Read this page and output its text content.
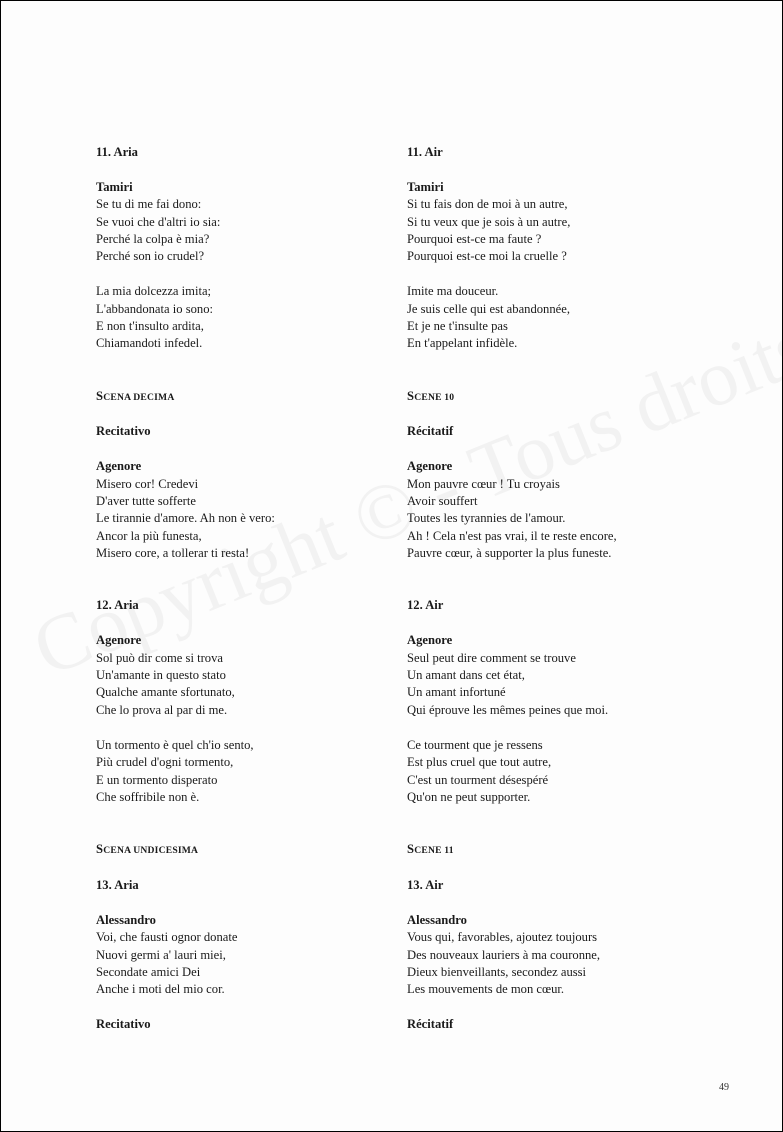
11. Aria
Tamiri
Se tu di me fai dono:
Se vuoi che d'altri io sia:
Perché la colpa è mia?
Perché son io crudel?
La mia dolcezza imita;
L'abbandonata io sono:
E non t'insulto ardita,
Chiamandoti infedel.
SCENA DECIMA
Recitativo
Agenore
Misero cor! Credevi
D'aver tutte sofferte
Le tirannie d'amore. Ah non è vero:
Ancor la più funesta,
Misero core, a tollerar ti resta!
12. Aria
Agenore
Sol può dir come si trova
Un'amante in questo stato
Qualche amante sfortunato,
Che lo prova al par di me.
Un tormento è quel ch'io sento,
Più crudel d'ogni tormento,
E un tormento disperato
Che soffribile non è.
SCENA UNDICESIMA
13. Aria
Alessandro
Voi, che fausti ognor donate
Nuovi germi a' lauri miei,
Secondate amici Dei
Anche i moti del mio cor.
Recitativo
11. Air
Tamiri
Si tu fais don de moi à un autre,
Si tu veux que je sois à un autre,
Pourquoi est-ce ma faute ?
Pourquoi est-ce moi la cruelle ?
Imite ma douceur.
Je suis celle qui est abandonnée,
Et je ne t'insulte pas
En t'appelant infidèle.
SCENE 10
Récitatif
Agenore
Mon pauvre cœur ! Tu croyais
Avoir souffert
Toutes les tyrannies de l'amour.
Ah ! Cela n'est pas vrai, il te reste encore,
Pauvre cœur, à supporter la plus funeste.
12. Air
Agenore
Seul peut dire comment se trouve
Un amant dans cet état,
Un amant infortuné
Qui éprouve les mêmes peines que moi.
Ce tourment que je ressens
Est plus cruel que tout autre,
C'est un tourment désespéré
Qu'on ne peut supporter.
SCENE 11
13. Air
Alessandro
Vous qui, favorables, ajoutez toujours
Des nouveaux lauriers à ma couronne,
Dieux bienveillants, secondez aussi
Les mouvements de mon cœur.
Récitatif
49
